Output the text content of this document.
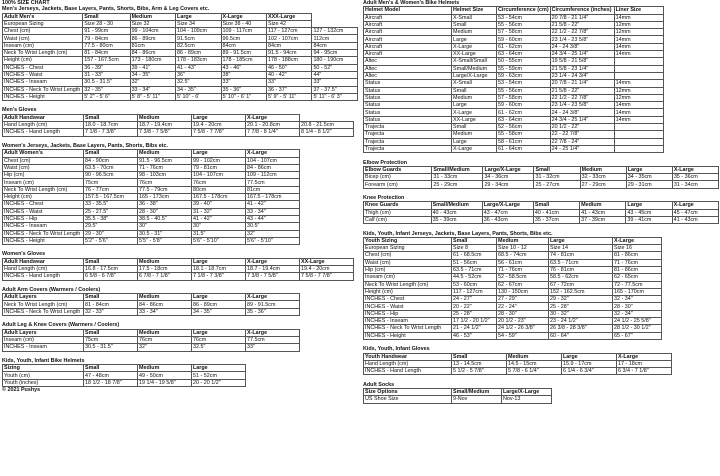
100% SIZE CHART
Men's Jerseys, Jackets, Base Layers, Pants, Shorts, Bibs, Arm & Leg Covers etc.
Adult Men's	Small	Medium	Large	X-Large	XXX-Large	
European Sizing	Size 28 - 30	Size 32	Size 34	Size 38 - 40	Size 42	
Chest (cm)	91 - 99cm	99 - 104cm	104 - 109cm	109 - 117cm	117 - 127cm	127 - 132cm
Waist (cm)	79 - 84cm	86 - 89cm	91.5cm	96.5cm	102 - 107cm	112cm
Inseam (cm)	77.5 - 80cm	81cm	82.5cm	84cm	84cm	84cm
Neck To Wrist Length (cm)	81 - 84cm	84 - 86cm	86 - 89cm	89 - 91.5cm	91.5 - 94cm	94 - 95cm
Height (cm)	157 - 167.5cm	173 - 180cm	178 - 183cm	178 - 185cm	178 - 188cm	180 - 190cm
INCHES - Chest	36 - 39"	39 - 41"	41 - 43"	43 - 46"	46 - 50"	50 - 52"
INCHES - Waist	31 - 33"	34 - 35"	36"	38"	40 - 42"	44"
INCHES - Inseam	30.5 - 31.5"	32"	32.5"	33"	33"	33"
INCHES - Neck To Wrist Length	32 - 35"	33 - 34"	34 - 35"	35 - 36"	36 - 37"	37 - 37.5"
INCHES - Height	5' 2" - 5' 6"	5' 8" - 5' 11"	5' 10" - 6'	5' 10" - 6' 1"	5' 9" - 5' 11"	5' 11" - 6' 3"
Men's Gloves
Adult Handwear	Small	Medium	Large	X-Large	
Hand Length (cm)	18.0 - 18.7cm	18.7 - 19.4cm	19.4 - 20cm	20.1 - 20.8cm	20.8 - 21.5cm
INCHES - Hand Length	7 1/8 - 7 3/8"	7 3/8 - 7 5/8"	7 5/8 - 7 7/8"	7 7/8 - 8 1/4"	8 1/4 - 8 1/2"
Women's Jerseys, Jackets, Base Layers, Pants, Shorts, Bibs etc.
Adult Women's	Small	Medium	Large	X-Large
Chest (cm)	84 - 90cm	91.5 - 96.5cm	99 - 102cm	104 - 107cm
Waist (cm)	63.5 - 70cm	71 - 76cm	79 - 81cm	84 - 86cm
Hip (cm)	90 - 96.5cm	98 - 103cm	104 - 107cm	109 - 112cm
Inseam (cm)	75cm	76cm	76cm	77.5cm
Neck To Wrist Length (cm)	76 - 77cm	77.5 - 79cm	80cm	81cm
Height (cm)	157.5 - 167.5cm	165 - 173cm	167.5 - 178cm	167.5 - 178cm
INCHES - Chest	33 - 35.5"	36 - 38"	39 - 40"	41 - 42"
INCHES - Waist	25 - 27.5"	28 - 30"	31 - 32"	33 - 34"
INCHES - Hip	35.5 - 38"	38.5 - 40.5"	41 - 42"	43 - 44"
INCHES - Inseam	29.5"	30"	30"	30.5"
INCHES - Neck To Wrist Length	29 - 30"	30.5 - 31"	31.5"	32"
INCHES - Height	5'2" - 5'6"	5'5" - 5'8"	5'6" - 5'10"	5'6" - 5'10"
Women's Gloves
Adult Handwear	Small	Medium	Large	X-Large	XX-Large
Hand Length (cm)	16.8 - 17.5cm	17.5 - 18cm	18.1 - 18.7cm	18.7 - 19.4cm	19.4 - 20cm
INCHES - Hand Length	6 5/8 - 6 7/8"	6 7/8 - 7 1/8"	7 1/8 - 7 3/8"	7 3/8 - 7 5/8"	7 5/8 - 7 7/8"
Adult Arm Covers (Warmers / Coolers)
Adult Layers	Small	Medium	Large	X-Large
Neck To Wrist Length (cm)	81 - 84cm	84 - 86cm	86 - 89cm	89 - 91.5cm
INCHES - Neck To Wrist Length	32 - 33"	33 - 34"	34 - 35"	35 - 36"
Adult Leg & Knee Covers (Warmers / Coolers)
Adult Layers	Small	Medium	Large	X-Large
Inseam (cm)	75cm	76cm	76cm	77.5cm
INCHES - Inseam	30.5 - 31.5"	32"	32.5"	33"
Kids, Youth, Infant Bike Helmets
Sizing	Small	Medium	Large
Youth (cm)	47 - 48cm	49 - 50cm	51 - 52cm
Youth (inches)	18 1/2 - 18 7/8"	19 1/4 - 19 5/8"	20 - 20 1/2"
© 2021 Pushys
Adult Men's & Women's Bike Helmets
Helmet Model	Helmet Size	Circumference (cm)	Circumference (inches)	Liner Size
Aircraft	X-Small	53 - 54cm	20 7/8 - 21 1/4"	14mm
Aircraft	Small	55 - 56cm	21 5/8 - 22"	12mm
Aircraft	Medium	57 - 58cm	22 1/2 - 22 7/8"	12mm
Aircraft	Large	59 - 60cm	23 1/4 - 23 5/8"	14mm
Aircraft	X-Large	61 - 62cm	24 - 24 3/8"	14mm
Aircraft	XX-Large	63 - 64cm	24 3/4 - 25 1/4"	14mm
Altec	X-Small/Small	50 - 55cm	19 5/8 - 21 5/8"	
Altec	Small/Medium	55 - 59cm	21 5/8 - 23 1/4"	
Altec	Large/X-Large	59 - 63cm	23 1/4 - 24 3/4"	
Status	X-Small	53 - 54cm	20 7/8 - 21 1/4"	14mm
Status	Small	55 - 56cm	21 5/8 - 22"	12mm
Status	Medium	57 - 58cm	22 1/2 - 22 7/8"	12mm
Status	Large	59 - 60cm	23 1/4 - 23 5/8"	14mm
Status	X-Large	61 - 62cm	24 - 24 3/8"	14mm
Status	XX-Large	63 - 64cm	24 3/4 - 25 1/4"	14mm
Trajecta	Small	52 - 56cm	20 1/2 - 22"	
Trajecta	Medium	55 - 58cm	22 - 22 7/8"	
Trajecta	Large	58 - 61cm	22 7/8 - 24"	
Trajecta	X-Large	61 - 64cm	24 - 25 1/4"	
Elbow Protection
Elbow Guards	Small/Medium	Large/X-Large	Small	Medium	Large	X-Large
Bicep (cm)	31 - 33cm	34 - 36cm	31 - 32cm	32 - 33cm	34 - 35cm	35 - 36cm
Forearm (cm)	25 - 29cm	29 - 34cm	25 - 27cm	27 - 29cm	29 - 31cm	31 - 34cm
Knee Protection
Knee Guards	Small/Medium	Large/X-Large	Small	Medium	Large	X-Large
Thigh (cm)	40 - 43cm	43 - 47cm	40 - 41cm	41 - 43cm	43 - 45cm	45 - 47cm
Calf (cm)	35 - 39cm	36 - 43cm	35 - 37cm	37 - 39cm	39 - 41cm	41 - 43cm
Kids, Youth, Infant Jerseys, Jackets, Base Layers, Pants, Shorts, Bibs etc.
Youth Sizing	Small	Medium	Large	X-Large
European Sizing	Size 8	Size 10 - 12	Size 14	Size 16
Chest (cm)	61 - 68.5cm	68.5 - 74cm	74 - 81cm	81 - 86cm
Waist (cm)	51 - 56cm	56 - 61cm	63.5 - 71cm	71 - 76cm
Hip (cm)	63.5 - 71cm	71 - 76cm	76 - 81cm	81 - 86cm
Inseam (cm)	44.5 - 52cm	52 - 58.5cm	58.5 - 62cm	62 - 65cm
Neck To Wrist Length (cm)	53 - 60cm	62 - 67cm	67 - 72cm	72 - 77.5cm
Height (cm)	117 - 127cm	130 - 150cm	152 - 162.5cm	165 - 170cm
INCHES - Chest	24 - 27"	27 - 29"	29 - 32"	32 - 34"
INCHES - Waist	20 - 22"	22 - 24"	25 - 28"	28 - 30"
INCHES - Hip	25 - 28"	28 - 30"	30 - 32"	32 - 34"
INCHES - Inseam	17 1/2 - 20 1/2"	20 1/2 - 23"	23 - 24 1/2"	24 1/2 - 25 5/8"
INCHES - Neck To Wrist Length	21 - 24 1/2"	24 1/2 - 26 3/8"	26 3/8 - 28 3/8"	28 1/2 - 30 1/2"
INCHES - Height	46 - 53"	54 - 59"	60 - 64"	65 - 67"
Kids, Youth, Infant Gloves
Youth Handwear	Small	Medium	Large	X-Large
Hand Length (cm)	13 - 14.5cm	14.5 - 15cm	15.9 - 17cm	17 - 18cm
INCHES - Hand Length	5 1/2 - 5 7/8"	5 7/8 - 6 1/4"	6 1/4 - 6 3/4"	6 3/4 - 7 1/8"
Adult Socks
Size Options	Small/Medium	Large/X-Large
US Shoe Size	9-Nov	Nov-13
